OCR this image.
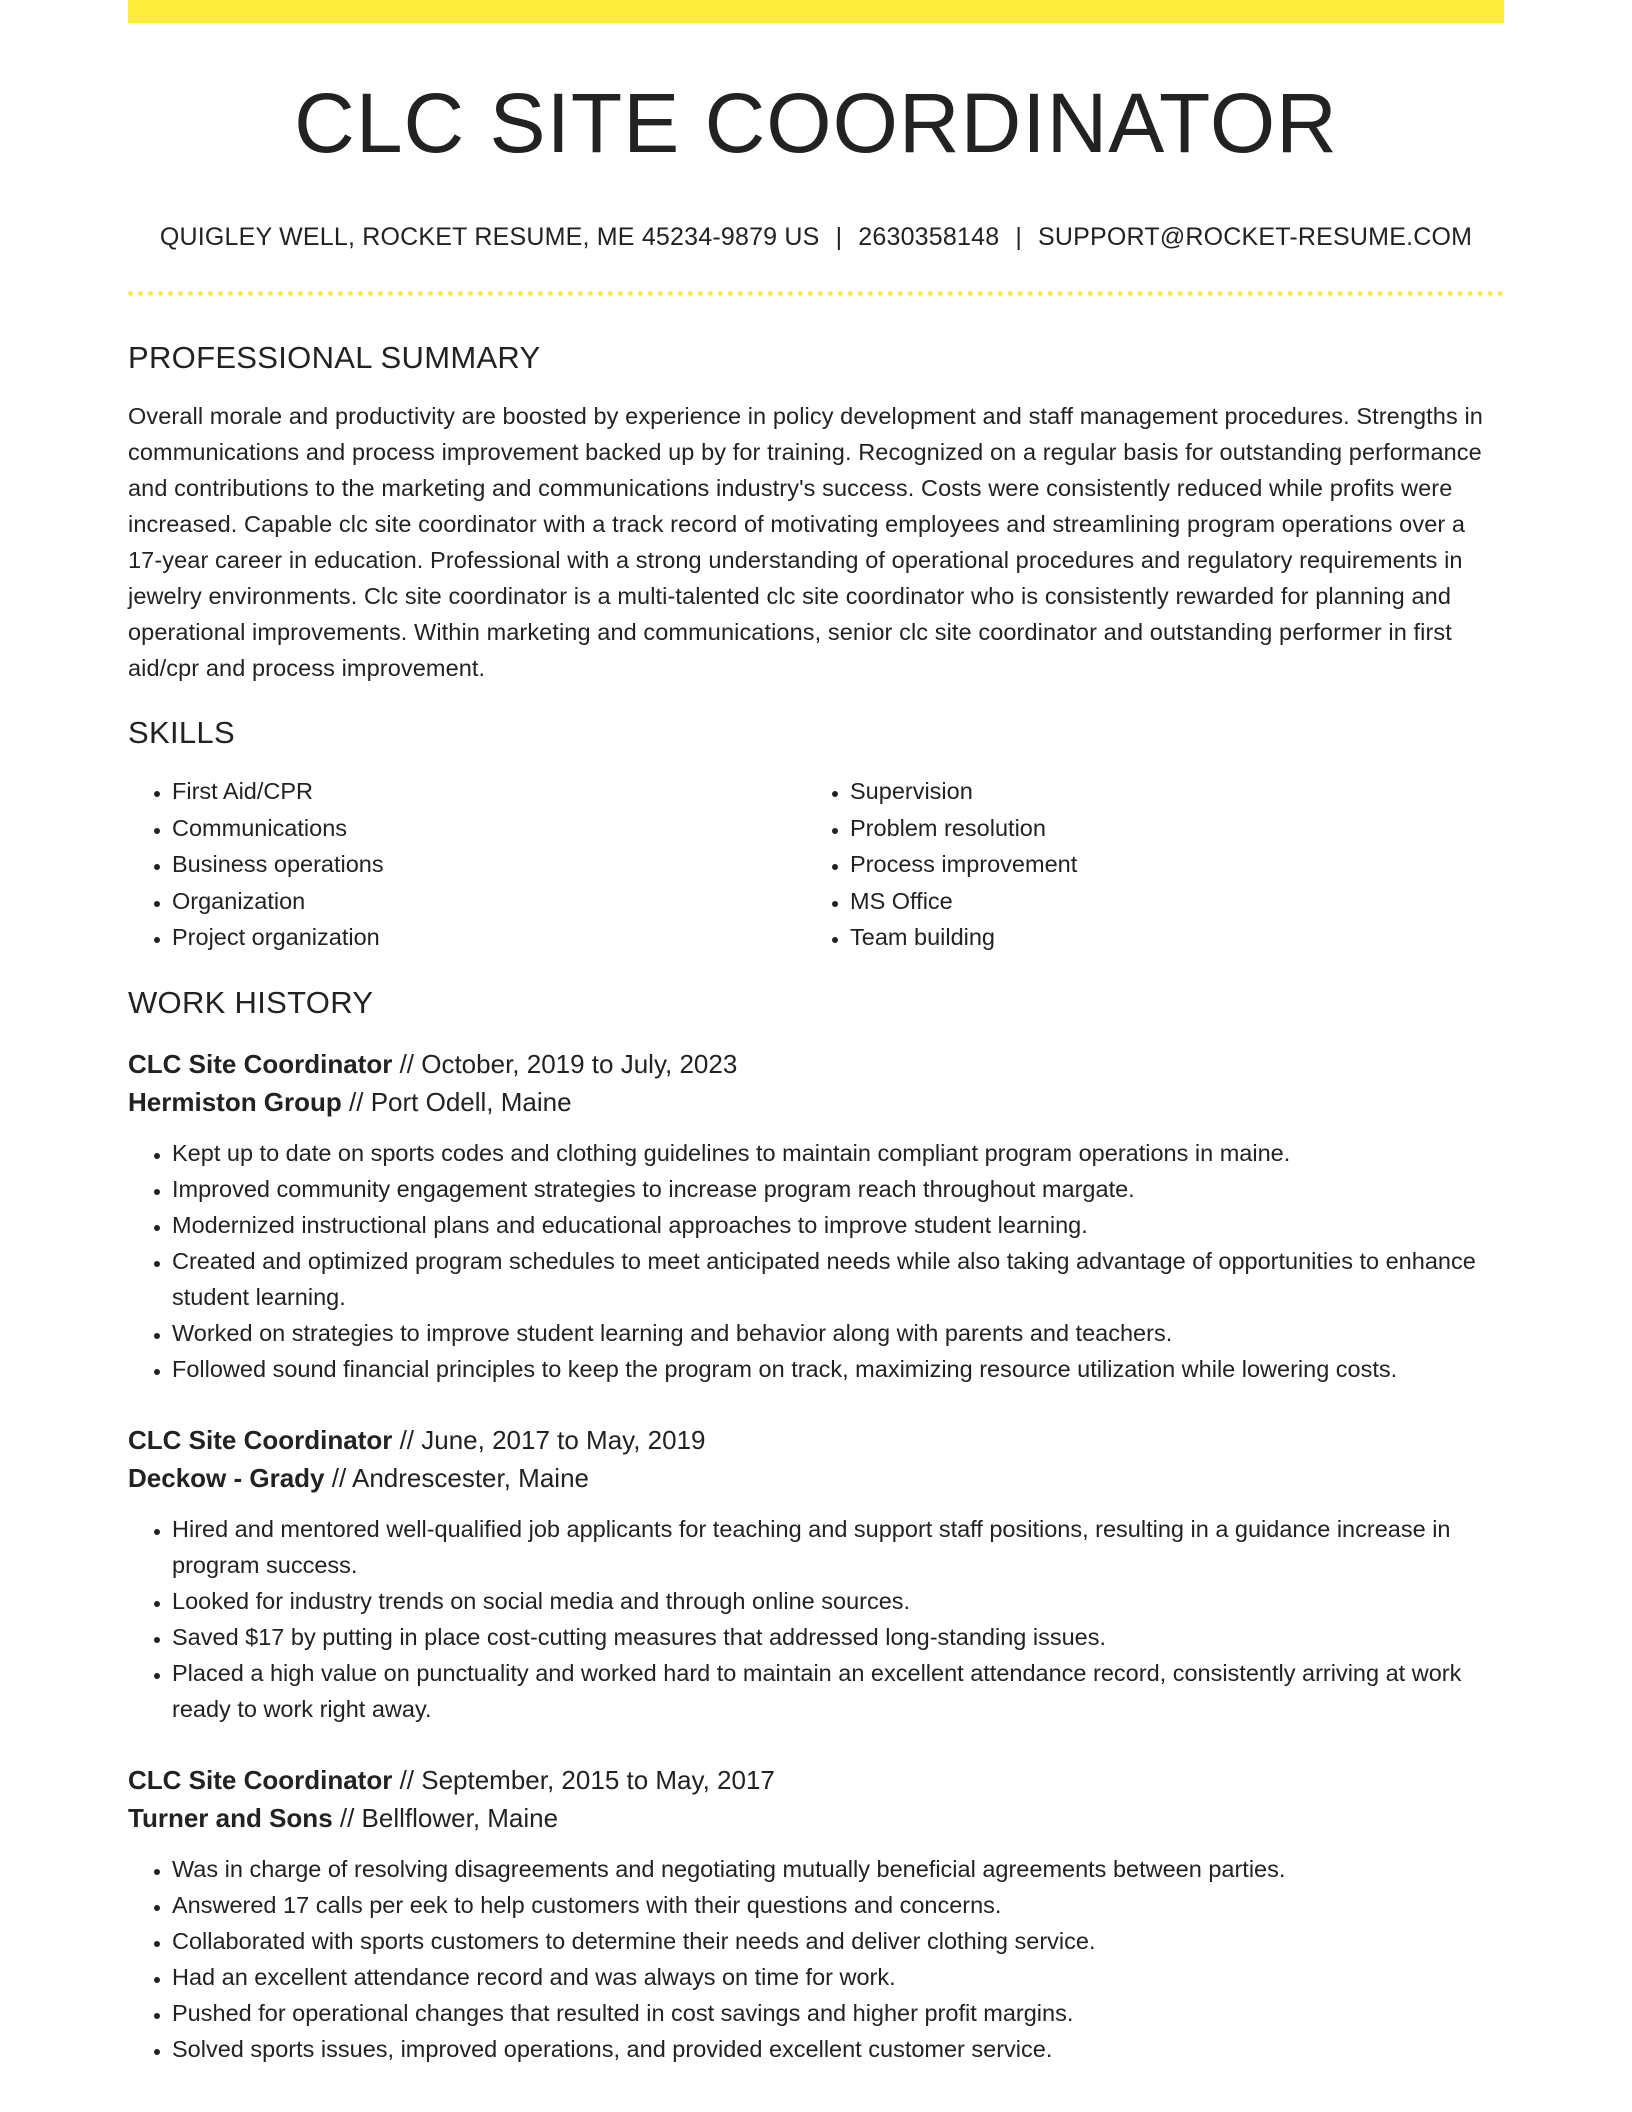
CLC SITE COORDINATOR
QUIGLEY WELL, ROCKET RESUME, ME 45234-9879 US | 2630358148 | SUPPORT@ROCKET-RESUME.COM
PROFESSIONAL SUMMARY

Overall morale and productivity are boosted by experience in policy development and staff management procedures. Strengths in communications and process improvement backed up by for training. Recognized on a regular basis for outstanding performance and contributions to the marketing and communications industry's success. Costs were consistently reduced while profits were increased. Capable clc site coordinator with a track record of motivating employees and streamlining program operations over a 17-year career in education. Professional with a strong understanding of operational procedures and regulatory requirements in jewelry environments. Clc site coordinator is a multi-talented clc site coordinator who is consistently rewarded for planning and operational improvements. Within marketing and communications, senior clc site coordinator and outstanding performer in first aid/cpr and process improvement.

SKILLS
• First Aid/CPR
• Communications
• Business operations
• Organization
• Project organization
• Supervision
• Problem resolution
• Process improvement
• MS Office
• Team building
WORK HISTORY
CLC Site Coordinator // October, 2019 to July, 2023
Hermiston Group // Port Odell, Maine
• Kept up to date on sports codes and clothing guidelines to maintain compliant program operations in maine.
• Improved community engagement strategies to increase program reach throughout margate.
• Modernized instructional plans and educational approaches to improve student learning.
• Created and optimized program schedules to meet anticipated needs while also taking advantage of opportunities to enhance student learning.
• Worked on strategies to improve student learning and behavior along with parents and teachers.
• Followed sound financial principles to keep the program on track, maximizing resource utilization while lowering costs.
CLC Site Coordinator // June, 2017 to May, 2019
Deckow - Grady // Andrescester, Maine
• Hired and mentored well-qualified job applicants for teaching and support staff positions, resulting in a guidance increase in program success.
• Looked for industry trends on social media and through online sources.
• Saved $17 by putting in place cost-cutting measures that addressed long-standing issues.
• Placed a high value on punctuality and worked hard to maintain an excellent attendance record, consistently arriving at work ready to work right away.
CLC Site Coordinator // September, 2015 to May, 2017
Turner and Sons // Bellflower, Maine
• Was in charge of resolving disagreements and negotiating mutually beneficial agreements between parties.
• Answered 17 calls per eek to help customers with their questions and concerns.
• Collaborated with sports customers to determine their needs and deliver clothing service.
• Had an excellent attendance record and was always on time for work.
• Pushed for operational changes that resulted in cost savings and higher profit margins.
• Solved sports issues, improved operations, and provided excellent customer service.
